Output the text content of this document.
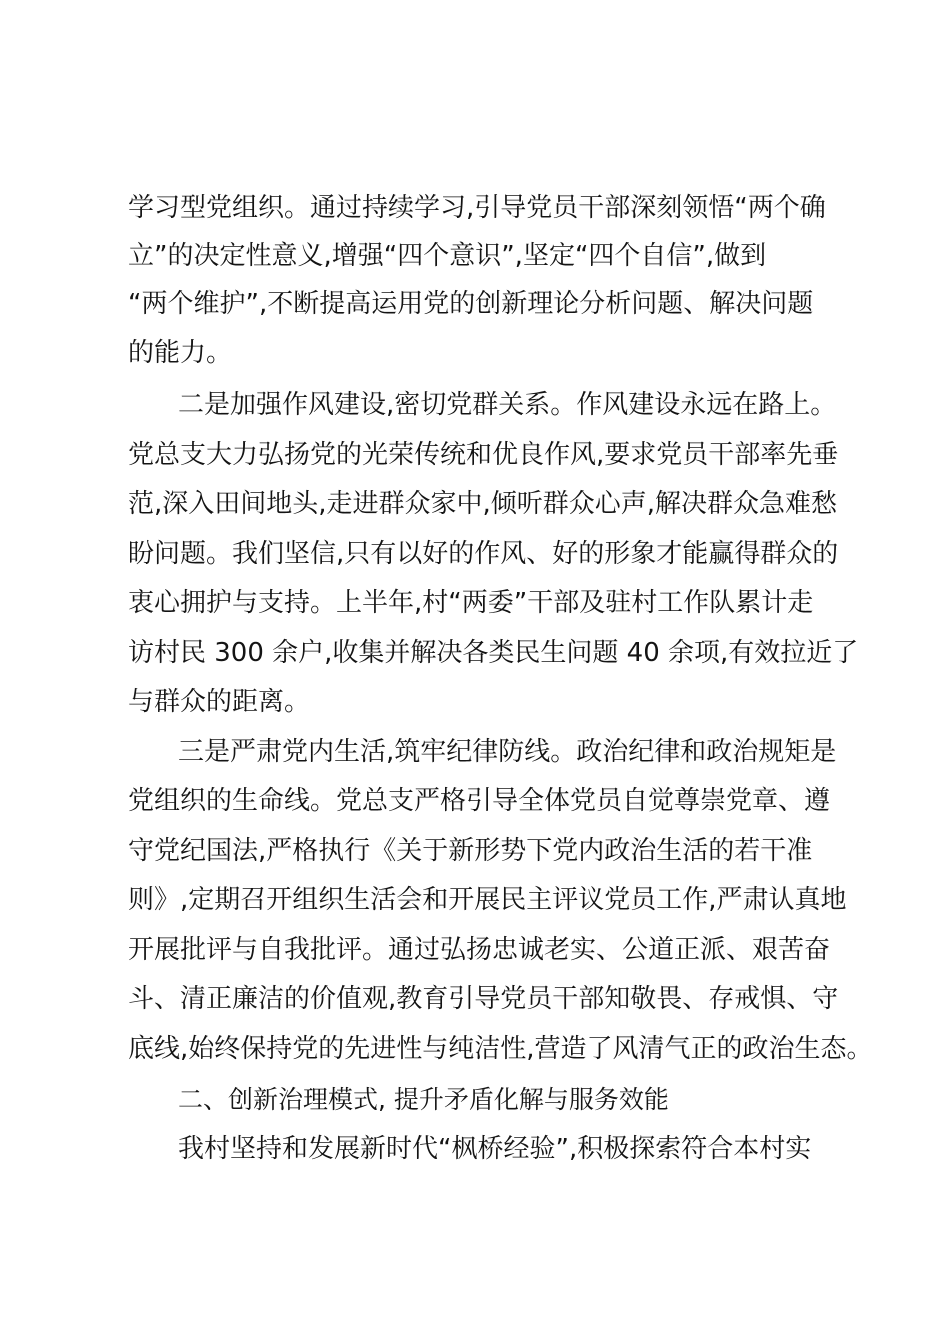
学习型党组织。通过持续学习,引导党员干部深刻领悟“两个确
立”的决定性意义,增强“四个意识”,坚定“四个自信”,做到
“两个维护”,不断提高运用党的创新理论分析问题、解决问题
的能力。
二是加强作风建设,密切党群关系。作风建设永远在路上。
党总支大力弘扬党的光荣传统和优良作风,要求党员干部率先垂
范,深入田间地头,走进群众家中,倾听群众心声,解决群众急难愁
盼问题。我们坚信,只有以好的作风、好的形象才能赢得群众的
衷心拥护与支持。上半年,村“两委”干部及驻村工作队累计走
访村民 300 余户,收集并解决各类民生问题 40 余项,有效拉近了
与群众的距离。
三是严肃党内生活,筑牢纪律防线。政治纪律和政治规矩是
党组织的生命线。党总支严格引导全体党员自觉尊崇党章、遵
守党纪国法,严格执行《关于新形势下党内政治生活的若干准
则》,定期召开组织生活会和开展民主评议党员工作,严肃认真地
开展批评与自我批评。通过弘扬忠诚老实、公道正派、艰苦奋
斗、清正廉洁的价值观,教育引导党员干部知敬畏、存戒惧、守
底线,始终保持党的先进性与纯洁性,营造了风清气正的政治生态。
二、创新治理模式, 提升矛盾化解与服务效能
我村坚持和发展新时代“枫桥经验”,积极探索符合本村实
